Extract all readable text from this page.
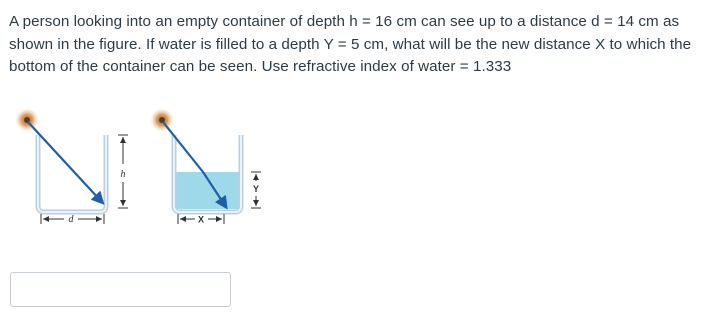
A person looking into an empty container of depth h = 16 cm can see up to a distance d = 14 cm as shown in the figure. If water is filled to a depth Y = 5 cm, what will be the new distance X to which the bottom of the container can be seen. Use refractive index of water = 1.333
h
d
Y
X
